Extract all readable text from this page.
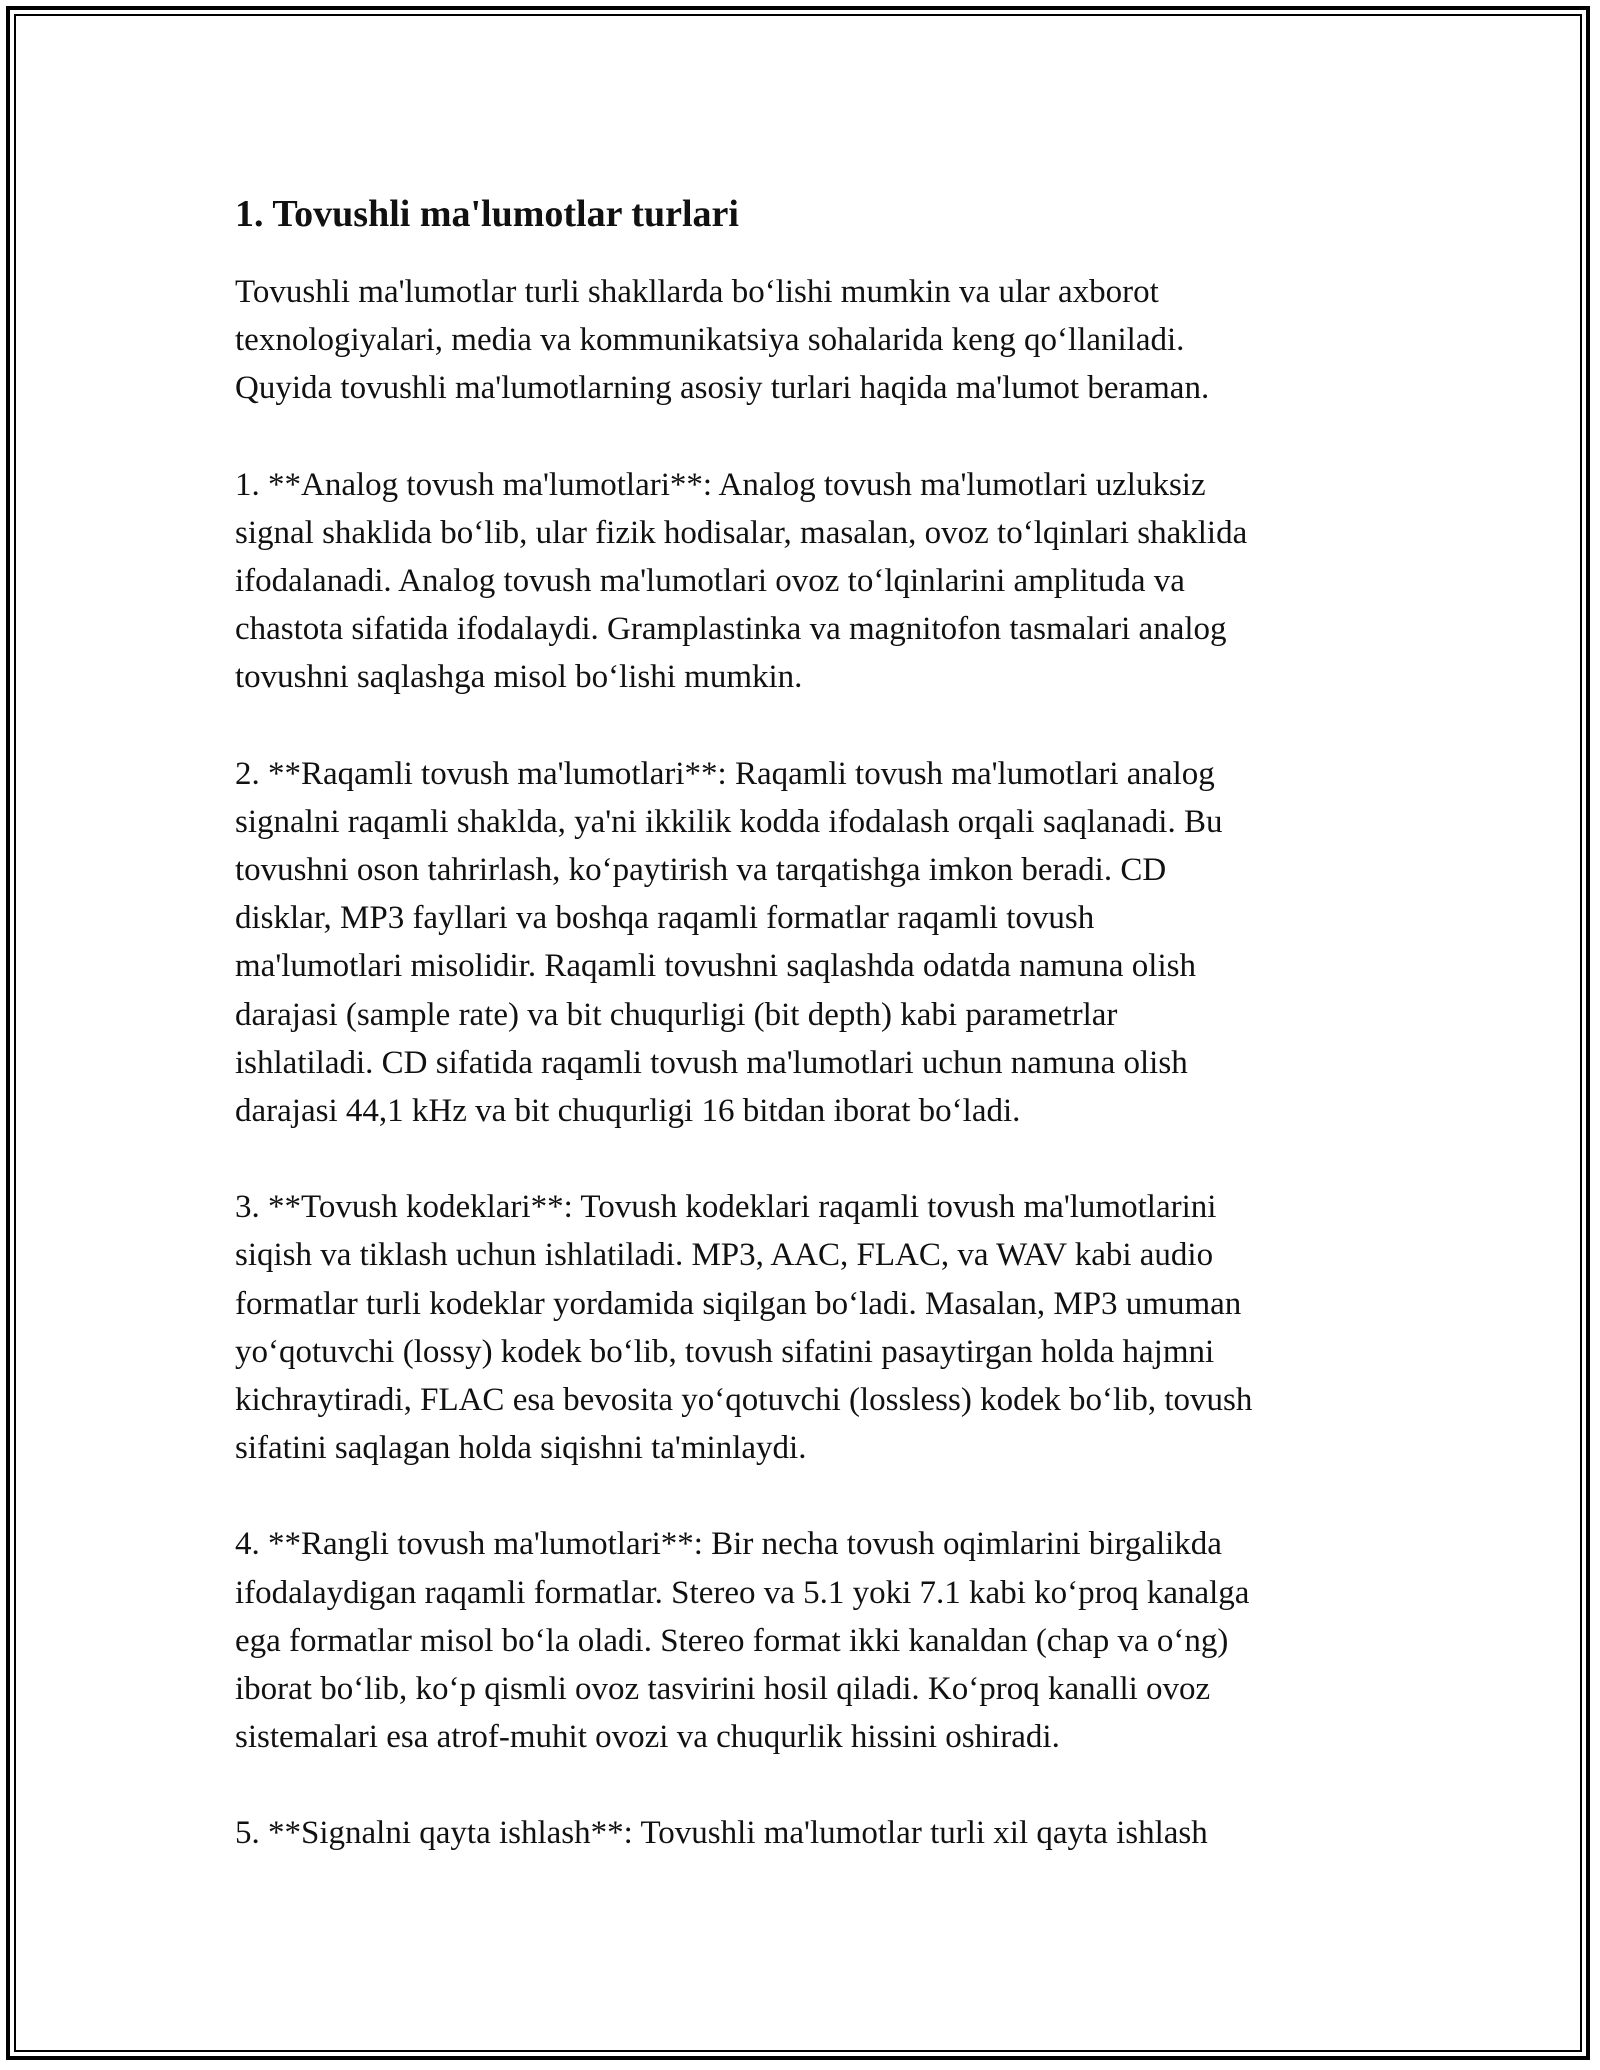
1. Tovushli ma'lumotlar turlari
Tovushli ma'lumotlar turli shakllarda bo‘lishi mumkin va ular axborot
texnologiyalari, media va kommunikatsiya sohalarida keng qo‘llaniladi.
Quyida tovushli ma'lumotlarning asosiy turlari haqida ma'lumot beraman.
1. **Analog tovush ma'lumotlari**: Analog tovush ma'lumotlari uzluksiz
signal shaklida bo‘lib, ular fizik hodisalar, masalan, ovoz to‘lqinlari shaklida
ifodalanadi. Analog tovush ma'lumotlari ovoz to‘lqinlarini amplituda va
chastota sifatida ifodalaydi. Gramplastinka va magnitofon tasmalari analog
tovushni saqlashga misol bo‘lishi mumkin.
2. **Raqamli tovush ma'lumotlari**: Raqamli tovush ma'lumotlari analog
signalni raqamli shaklda, ya'ni ikkilik kodda ifodalash orqali saqlanadi. Bu
tovushni oson tahrirlash, ko‘paytirish va tarqatishga imkon beradi. CD
disklar, MP3 fayllari va boshqa raqamli formatlar raqamli tovush
ma'lumotlari misolidir. Raqamli tovushni saqlashda odatda namuna olish
darajasi (sample rate) va bit chuqurligi (bit depth) kabi parametrlar
ishlatiladi. CD sifatida raqamli tovush ma'lumotlari uchun namuna olish
darajasi 44,1 kHz va bit chuqurligi 16 bitdan iborat bo‘ladi.
3. **Tovush kodeklari**: Tovush kodeklari raqamli tovush ma'lumotlarini
siqish va tiklash uchun ishlatiladi. MP3, AAC, FLAC, va WAV kabi audio
formatlar turli kodeklar yordamida siqilgan bo‘ladi. Masalan, MP3 umuman
yo‘qotuvchi (lossy) kodek bo‘lib, tovush sifatini pasaytirgan holda hajmni
kichraytiradi, FLAC esa bevosita yo‘qotuvchi (lossless) kodek bo‘lib, tovush
sifatini saqlagan holda siqishni ta'minlaydi.
4. **Rangli tovush ma'lumotlari**: Bir necha tovush oqimlarini birgalikda
ifodalaydigan raqamli formatlar. Stereo va 5.1 yoki 7.1 kabi ko‘proq kanalga
ega formatlar misol bo‘la oladi. Stereo format ikki kanaldan (chap va o‘ng)
iborat bo‘lib, ko‘p qismli ovoz tasvirini hosil qiladi. Ko‘proq kanalli ovoz
sistemalari esa atrof-muhit ovozi va chuqurlik hissini oshiradi.
5. **Signalni qayta ishlash**: Tovushli ma'lumotlar turli xil qayta ishlash
